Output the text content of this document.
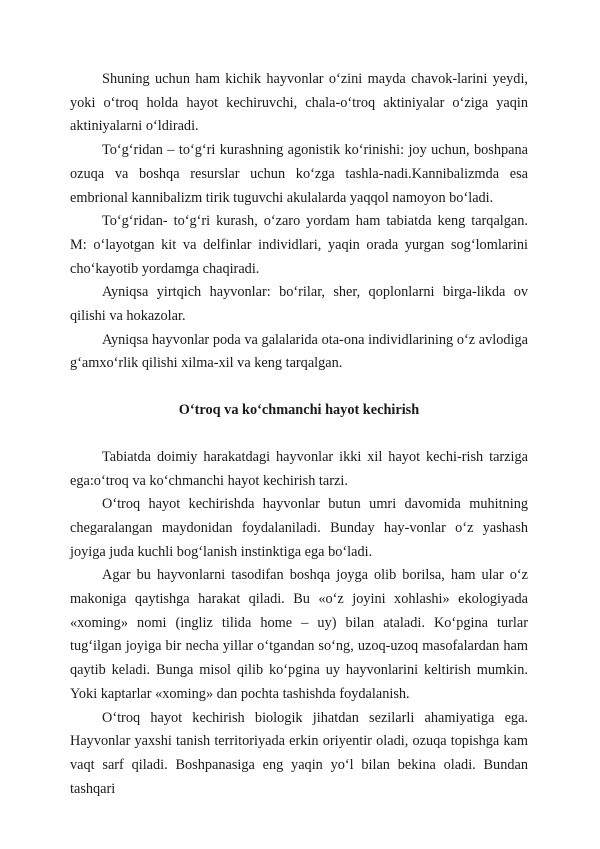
Shuning uchun ham kichik hayvonlar o‘zini mayda chavok-larini yeydi, yoki o‘troq holda hayot kechiruvchi, chala-o‘troq aktiniyalar o‘ziga yaqin aktiniyalarni o‘ldiradi.

To‘g‘ridan – to‘g‘ri kurashning agonistik ko‘rinishi: joy uchun, boshpana ozuqa va boshqa resurslar uchun ko‘zga tashla-nadi.Kannibalizmda esa embrional kannibalizm tirik tuguvchi akulalarda yaqqol namoyon bo‘ladi.

To‘g‘ridan- to‘g‘ri kurash, o‘zaro yordam ham tabiatda keng tarqalgan. M: o‘layotgan kit va delfinlar individlari, yaqin orada yurgan sog‘lomlarini cho‘kayotib yordamga chaqiradi.

Ayniqsa yirtqich hayvonlar: bo‘rilar, sher, qoplonlarni birga-likda ov qilishi va hokazolar.

Ayniqsa hayvonlar poda va galalarida ota-ona individlarining o‘z avlodiga g‘amxo‘rlik qilishi xilma-xil va keng tarqalgan.

O‘troq va ko‘chmanchi hayot kechirish

Tabiatda doimiy harakatdagi hayvonlar ikki xil hayot kechi-rish tarziga ega:o‘troq va ko‘chmanchi hayot kechirish tarzi.

O‘troq hayot kechirishda hayvonlar butun umri davomida muhitning chegaralangan maydonidan foydalaniladi. Bunday hay-vonlar o‘z yashash joyiga juda kuchli bog‘lanish instinktiga ega bo‘ladi.

Agar bu hayvonlarni tasodifan boshqa joyga olib borilsa, ham ular o‘z makoniga qaytishga harakat qiladi. Bu «o‘z joyini xohlashi» ekologiyada «xoming» nomi (ingliz tilida home – uy) bilan ataladi. Ko‘pgina turlar tug‘ilgan joyiga bir necha yillar o‘tgandan so‘ng, uzoq-uzoq masofalardan ham qaytib keladi. Bunga misol qilib ko‘pgina uy hayvonlarini keltirish mumkin. Yoki kaptarlar «xoming» dan pochta tashishda foydalanish.

O‘troq hayot kechirish biologik jihatdan sezilarli ahamiyatiga ega. Hayvonlar yaxshi tanish territoriyada erkin oriyentir oladi, ozuqa topishga kam vaqt sarf qiladi. Boshpanasiga eng yaqin yo‘l bilan bekina oladi. Bundan tashqari
